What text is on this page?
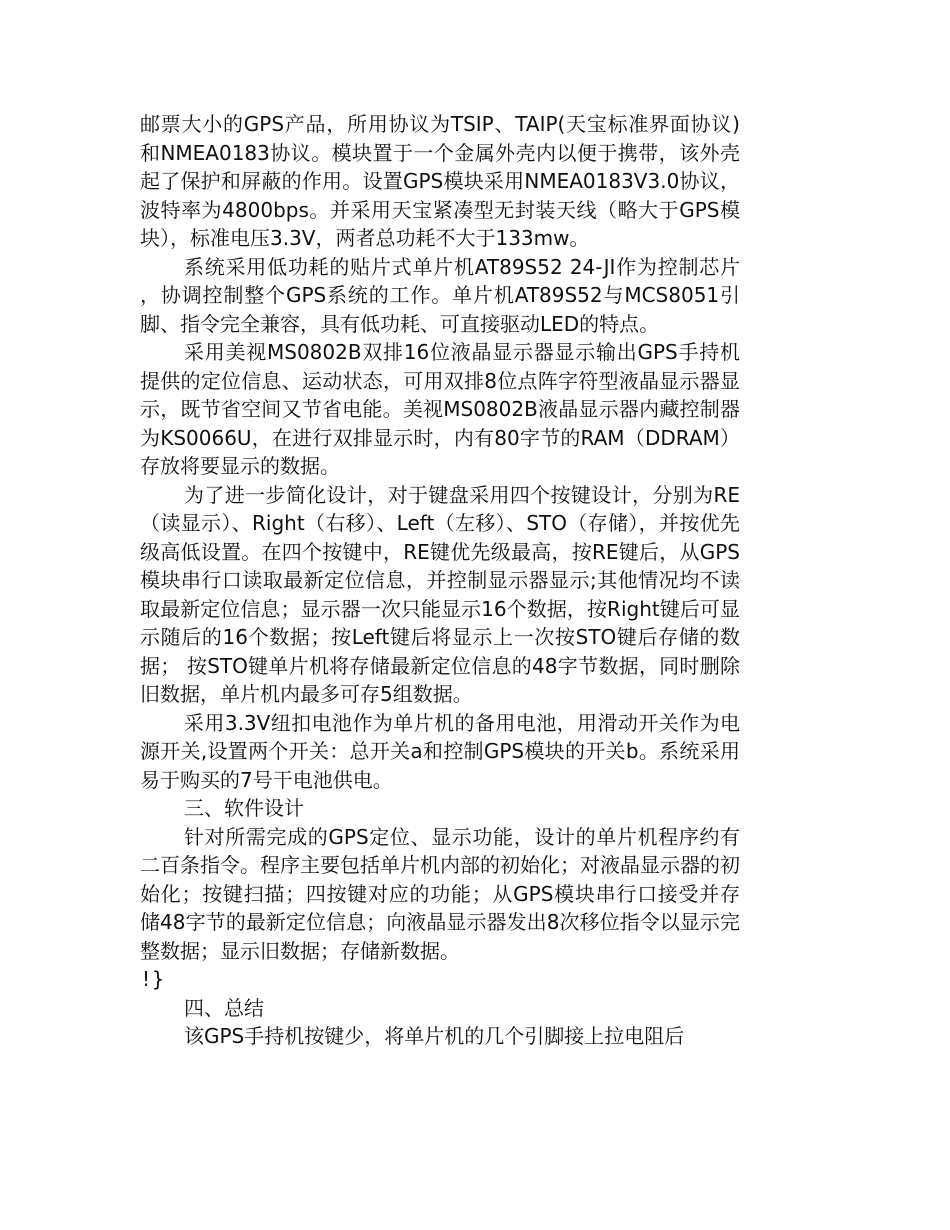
邮票大小的GPS产品，所用协议为TSIP、TAIP(天宝标准界面协议)和NMEA0183协议。模块置于一个金属外壳内以便于携带，该外壳起了保护和屏蔽的作用。设置GPS模块采用NMEA0183V3.0协议，波特率为4800bps。并采用天宝紧凑型无封装天线（略大于GPS模块），标准电压3.3V，两者总功耗不大于133mw。

系统采用低功耗的贴片式单片机AT89S52 24-JI作为控制芯片，协调控制整个GPS系统的工作。单片机AT89S52与MCS8051引脚、指令完全兼容，具有低功耗、可直接驱动LED的特点。

采用美视MS0802B双排16位液晶显示器显示输出GPS手持机提供的定位信息、运动状态，可用双排8位点阵字符型液晶显示器显示，既节省空间又节省电能。美视MS0802B液晶显示器内藏控制器为KS0066U，在进行双排显示时，内有80字节的RAM（DDRAM）存放将要显示的数据。

为了进一步简化设计，对于键盘采用四个按键设计，分别为RE（读显示）、Right（右移）、Left（左移）、STO（存储），并按优先级高低设置。在四个按键中，RE键优先级最高，按RE键后，从GPS模块串行口读取最新定位信息，并控制显示器显示;其他情况均不读取最新定位信息；显示器一次只能显示16个数据，按Right键后可显示随后的16个数据；按Left键后将显示上一次按STO键后存储的数据； 按STO键单片机将存储最新定位信息的48字节数据，同时删除旧数据，单片机内最多可存5组数据。

采用3.3V纽扣电池作为单片机的备用电池，用滑动开关作为电源开关,设置两个开关：总开关a和控制GPS模块的开关b。系统采用易于购买的7号干电池供电。

三、软件设计

针对所需完成的GPS定位、显示功能，设计的单片机程序约有二百条指令。程序主要包括单片机内部的初始化；对液晶显示器的初始化；按键扫描；四按键对应的功能；从GPS模块串行口接受并存储48字节的最新定位信息；向液晶显示器发出8次移位指令以显示完整数据；显示旧数据；存储新数据。

!}

四、总结

该GPS手持机按键少，将单片机的几个引脚接上拉电阻后
